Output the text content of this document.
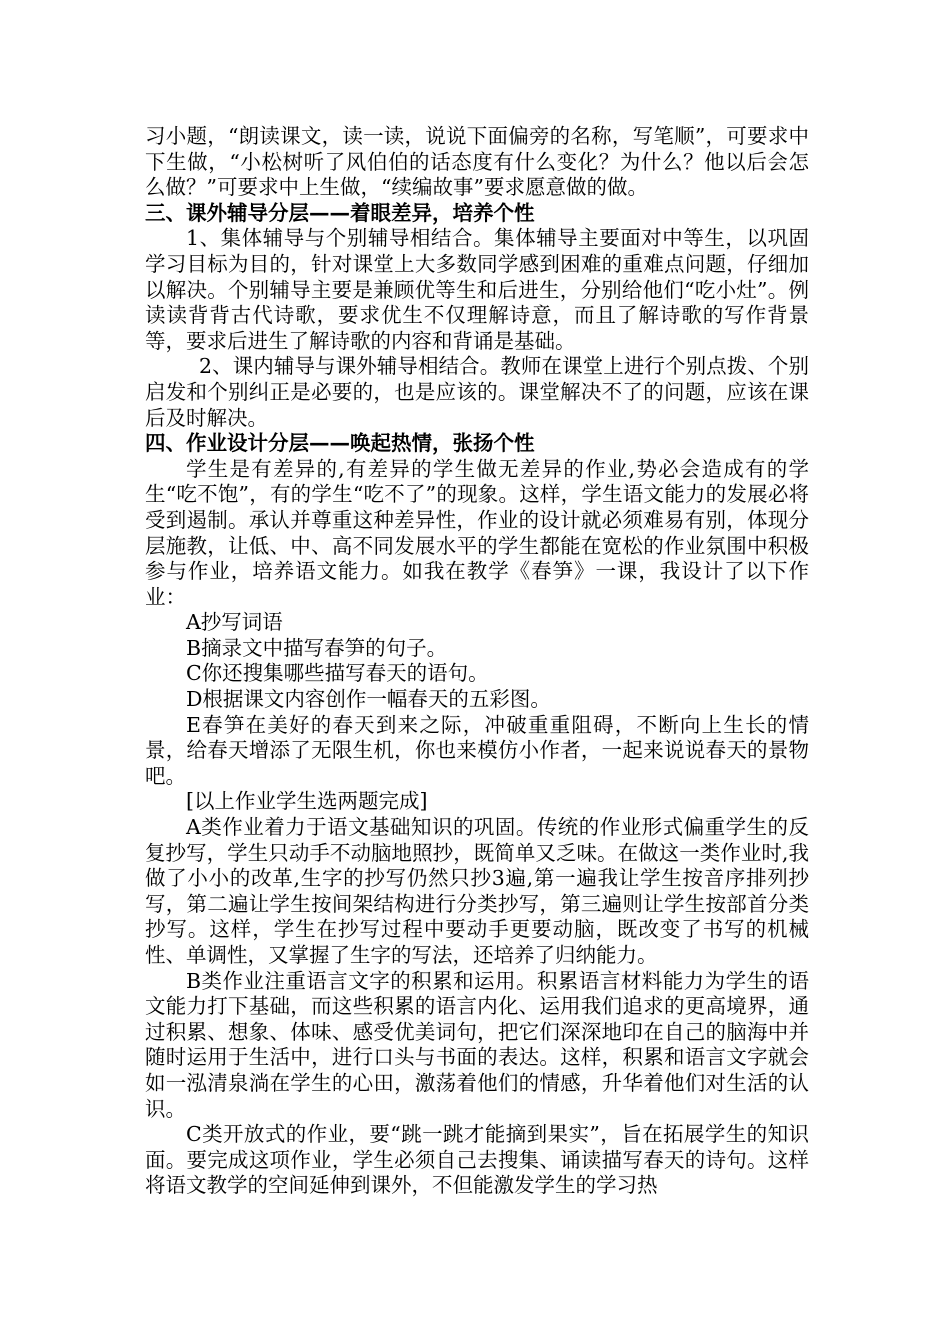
习小题，“朗读课文，读一读，说说下面偏旁的名称，写笔顺”，可要求中下生做，“小松树听了风伯伯的话态度有什么变化？为什么？他以后会怎么做？”可要求中上生做，“续编故事”要求愿意做的做。

三、课外辅导分层——着眼差异，培养个性

1、集体辅导与个别辅导相结合。集体辅导主要面对中等生，以巩固学习目标为目的，针对课堂上大多数同学感到困难的重难点问题，仔细加以解决。个别辅导主要是兼顾优等生和后进生，分别给他们“吃小灶”。例读读背背古代诗歌，要求优生不仅理解诗意，而且了解诗歌的写作背景等，要求后进生了解诗歌的内容和背诵是基础。

2、课内辅导与课外辅导相结合。教师在课堂上进行个别点拨、个别启发和个别纠正是必要的，也是应该的。课堂解决不了的问题，应该在课后及时解决。

四、作业设计分层——唤起热情，张扬个性

学生是有差异的,有差异的学生做无差异的作业,势必会造成有的学生“吃不饱”，有的学生“吃不了”的现象。这样，学生语文能力的发展必将受到遏制。承认并尊重这种差异性，作业的设计就必须难易有别，体现分层施教，让低、中、高不同发展水平的学生都能在宽松的作业氛围中积极参与作业，培养语文能力。如我在教学《春笋》一课，我设计了以下作业：

A抄写词语

B摘录文中描写春笋的句子。

C你还搜集哪些描写春天的语句。

D根据课文内容创作一幅春天的五彩图。

E春笋在美好的春天到来之际，冲破重重阻碍，不断向上生长的情景，给春天增添了无限生机，你也来模仿小作者，一起来说说春天的景物吧。

[以上作业学生选两题完成]

A类作业着力于语文基础知识的巩固。传统的作业形式偏重学生的反复抄写，学生只动手不动脑地照抄，既简单又乏味。在做这一类作业时,我做了小小的改革,生字的抄写仍然只抄3遍,第一遍我让学生按音序排列抄写，第二遍让学生按间架结构进行分类抄写，第三遍则让学生按部首分类抄写。这样，学生在抄写过程中要动手更要动脑，既改变了书写的机械性、单调性，又掌握了生字的写法，还培养了归纳能力。

B类作业注重语言文字的积累和运用。积累语言材料能力为学生的语文能力打下基础，而这些积累的语言内化、运用我们追求的更高境界，通过积累、想象、体味、感受优美词句，把它们深深地印在自己的脑海中并随时运用于生活中，进行口头与书面的表达。这样，积累和语言文字就会如一泓清泉淌在学生的心田，激荡着他们的情感，升华着他们对生活的认识。

C类开放式的作业，要“跳一跳才能摘到果实”，旨在拓展学生的知识面。要完成这项作业，学生必须自己去搜集、诵读描写春天的诗句。这样将语文教学的空间延伸到课外，不但能激发学生的学习热
